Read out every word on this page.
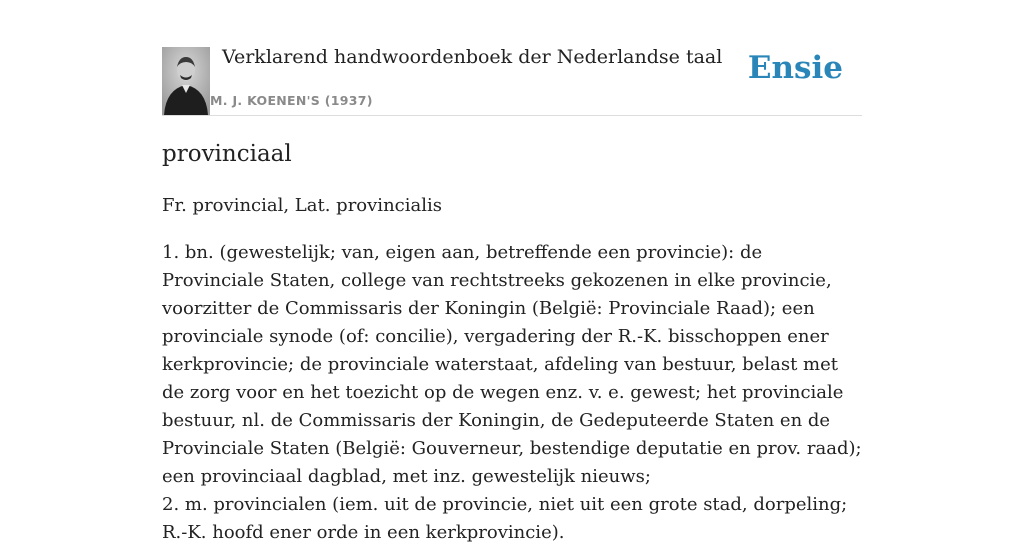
Verklarend handwoordenboek der Nederlandse taal
M. J. KOENEN'S (1937)
Ensie
provinciaal

Fr. provincial, Lat. provincialis

1. bn. (gewestelijk; van, eigen aan, betreffende een provincie): de Provinciale Staten, college van rechtstreeks gekozenen in elke provincie, voorzitter de Commissaris der Koningin (België: Provinciale Raad); een provinciale synode (of: concilie), vergadering der R.-K. bisschoppen ener kerkprovincie; de provinciale waterstaat, afdeling van bestuur, belast met de zorg voor en het toezicht op de wegen enz. v. e. gewest; het provinciale bestuur, nl. de Commissaris der Koningin, de Gedeputeerde Staten en de Provinciale Staten (België: Gouverneur, bestendige deputatie en prov. raad); een provinciaal dagblad, met inz. gewestelijk nieuws;
2. m. provincialen (iem. uit de provincie, niet uit een grote stad, dorpeling; R.-K. hoofd ener orde in een kerkprovincie).
